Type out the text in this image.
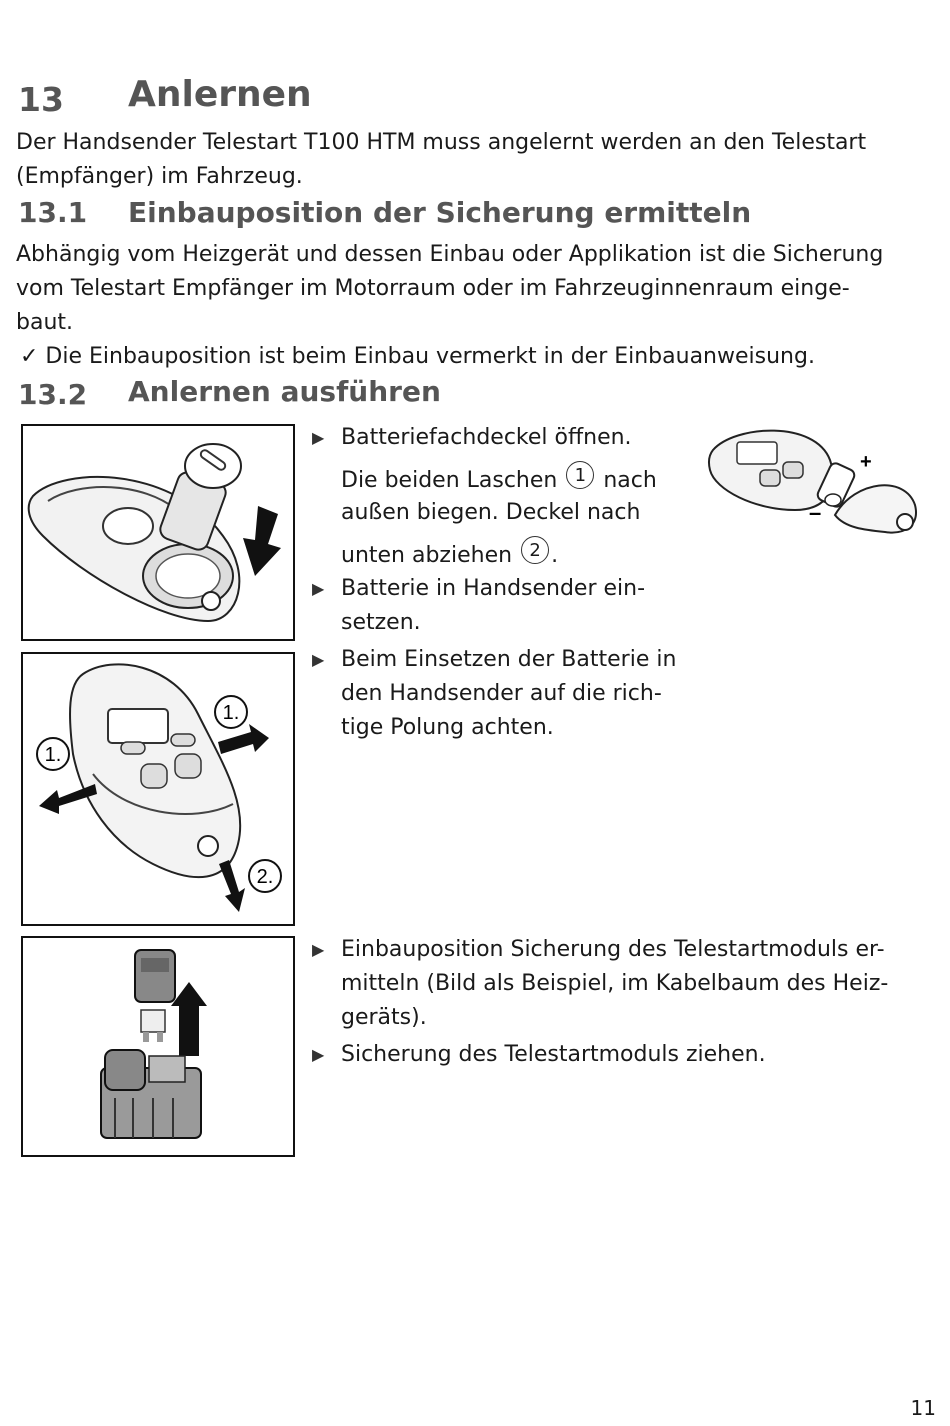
13 Anlernen
Der Handsender Telestart T100 HTM muss angelernt werden an den Telestart
(Empfänger) im Fahrzeug.
13.1 Einbauposition der Sicherung ermitteln
Abhängig vom Heizgerät und dessen Einbau oder Applikation ist die Sicherung
vom Telestart Empfänger im Motorraum oder im Fahrzeuginnenraum einge-
baut.
✓ Die Einbauposition ist beim Einbau vermerkt in der Einbauanweisung.
13.2 Anlernen ausführen
1.
1.
2.
+
–
▶ Batteriefachdeckel öffnen.
Die beiden Laschen 1 nach
außen biegen. Deckel nach
unten abziehen 2 .
▶ Batterie in Handsender ein-
setzen.
▶ Beim Einsetzen der Batterie in
den Handsender auf die rich-
tige Polung achten.
▶ Einbauposition Sicherung des Telestartmoduls er-
mitteln (Bild als Beispiel, im Kabelbaum des Heiz-
geräts).
▶ Sicherung des Telestartmoduls ziehen.
11
